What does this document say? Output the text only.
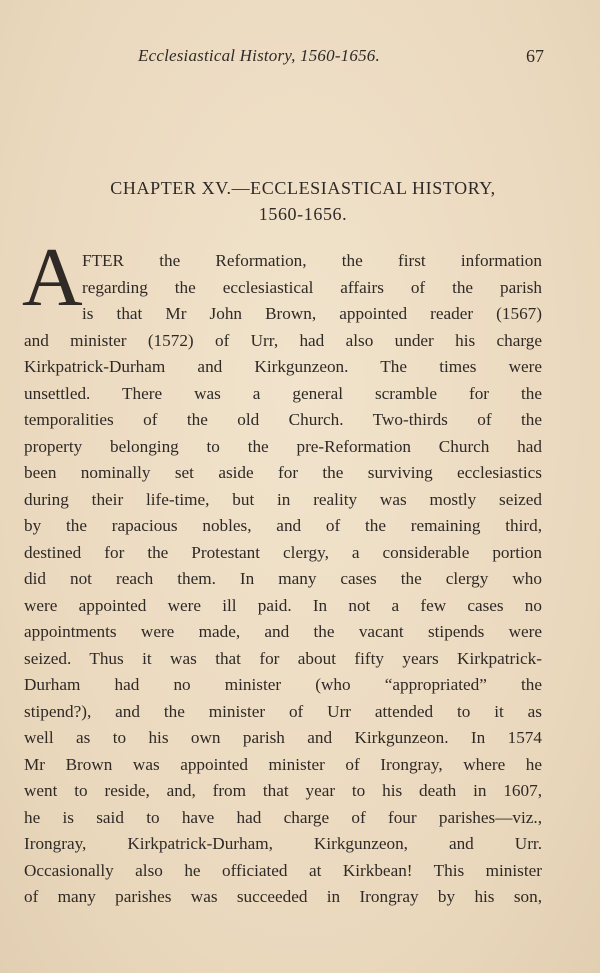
Ecclesiastical History, 1560-1656.	67
CHAPTER XV.—ECCLESIASTICAL HISTORY,
1560-1656.
A FTER the Reformation, the first information
regarding the ecclesiastical affairs of the parish
is that Mr John Brown, appointed reader (1567)
and minister (1572) of Urr, had also under his charge
Kirkpatrick-Durham and Kirkgunzeon. The times were
unsettled. There was a general scramble for the
temporalities of the old Church. Two-thirds of the
property belonging to the pre-Reformation Church had
been nominally set aside for the surviving ecclesiastics
during their life-time, but in reality was mostly seized
by the rapacious nobles, and of the remaining third,
destined for the Protestant clergy, a considerable portion
did not reach them. In many cases the clergy who
were appointed were ill paid. In not a few cases no
appointments were made, and the vacant stipends were
seized. Thus it was that for about fifty years Kirkpatrick-
Durham had no minister (who “appropriated” the
stipend?), and the minister of Urr attended to it as
well as to his own parish and Kirkgunzeon. In 1574
Mr Brown was appointed minister of Irongray, where he
went to reside, and, from that year to his death in 1607,
he is said to have had charge of four parishes—viz.,
Irongray, Kirkpatrick-Durham, Kirkgunzeon, and Urr.
Occasionally also he officiated at Kirkbean! This minister
of many parishes was succeeded in Irongray by his son,
